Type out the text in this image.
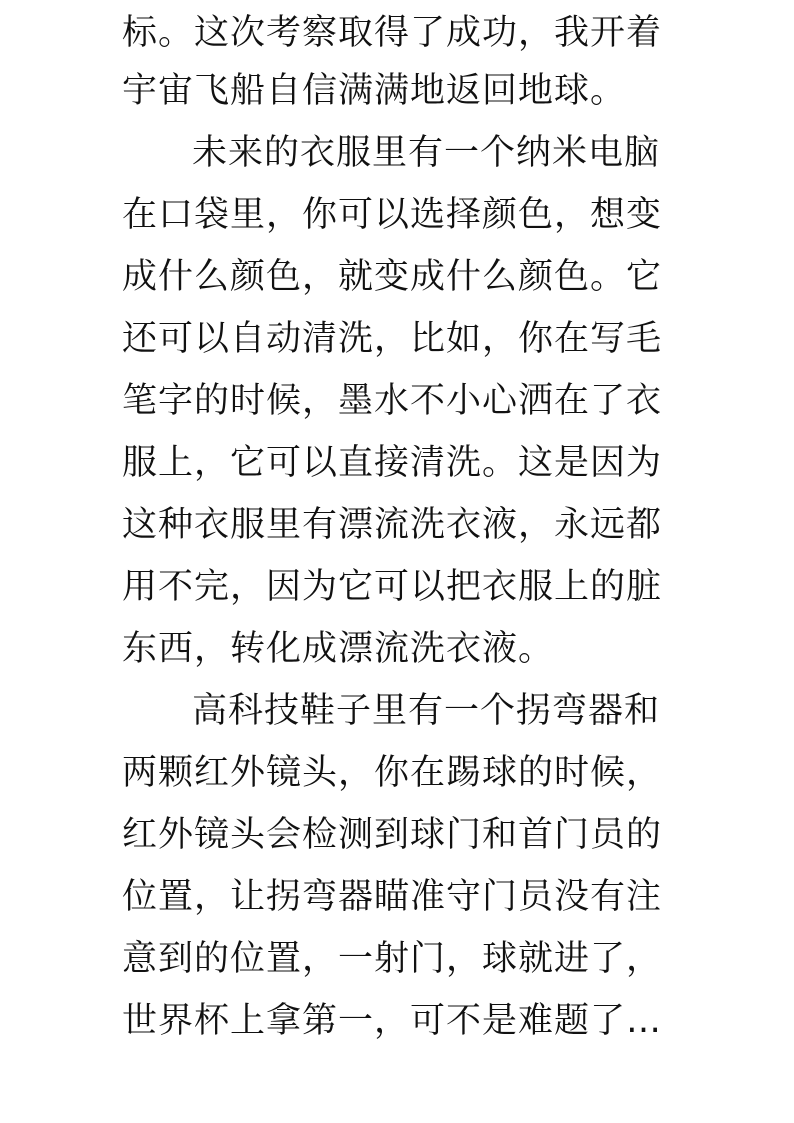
标。这次考察取得了成功，我开着
宇宙飞船自信满满地返回地球。
未来的衣服里有一个纳米电脑
在口袋里，你可以选择颜色，想变
成什么颜色，就变成什么颜色。它
还可以自动清洗，比如，你在写毛
笔字的时候，墨水不小心洒在了衣
服上，它可以直接清洗。这是因为
这种衣服里有漂流洗衣液，永远都
用不完，因为它可以把衣服上的脏
东西，转化成漂流洗衣液。
高科技鞋子里有一个拐弯器和
两颗红外镜头，你在踢球的时候，
红外镜头会检测到球门和首门员的
位置，让拐弯器瞄准守门员没有注
意到的位置，一射门，球就进了，
世界杯上拿第一，可不是难题了…
